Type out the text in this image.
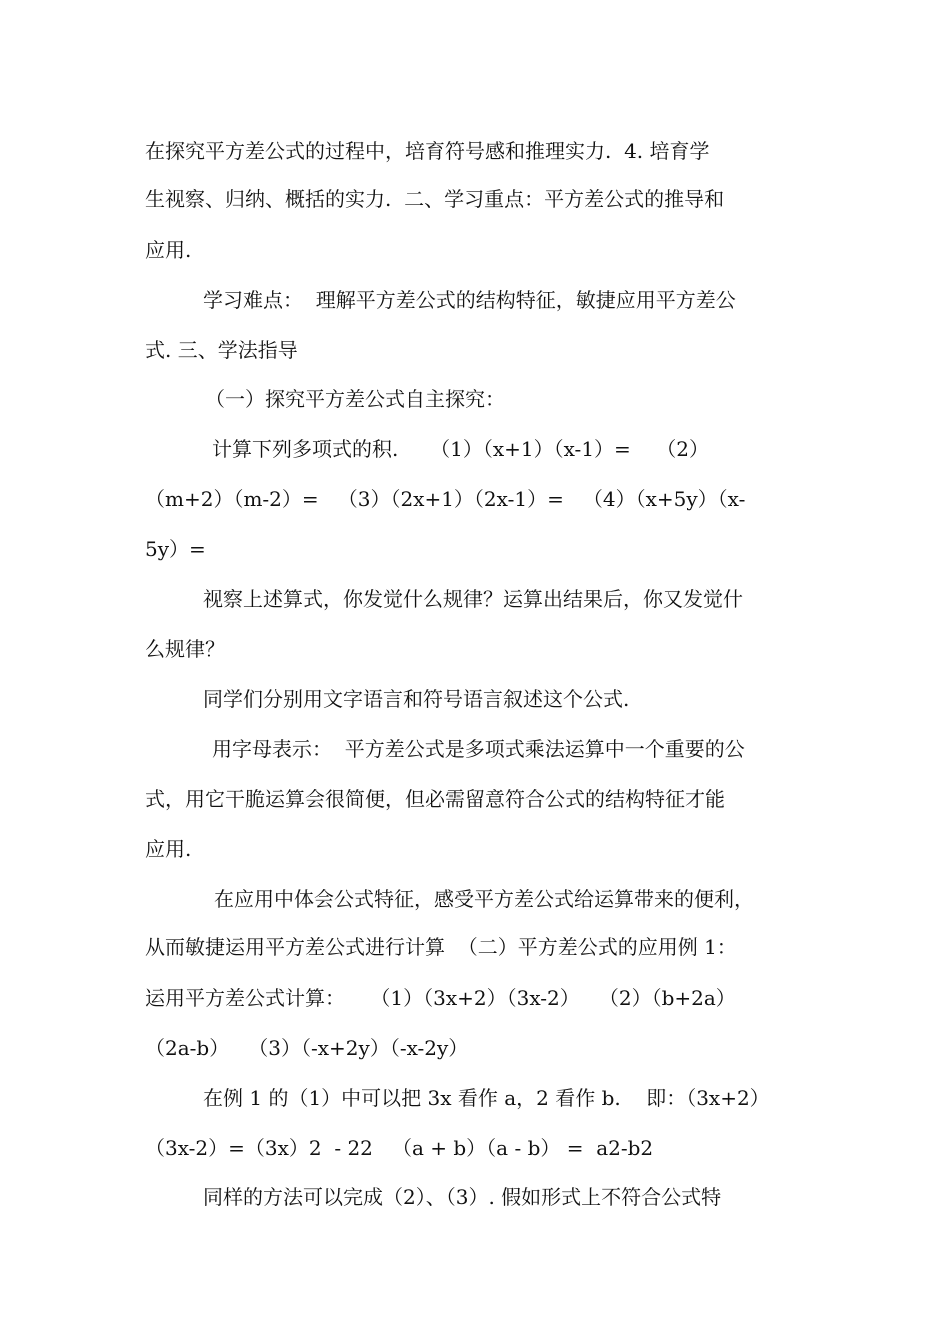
在探究平方差公式的过程中，培育符号感和推理实力.  4. 培育学
生视察、归纳、概括的实力.  二、学习重点：平方差公式的推导和
应用.
学习难点：  理解平方差公式的结构特征，敏捷应用平方差公
式. 三、学法指导
（一）探究平方差公式自主探究：
计算下列多项式的积.     （1）（x+1）（x-1）=    （2）
（m+2）（m-2）=   （3）（2x+1）（2x-1）=   （4）（x+5y）（x-
5y）=
视察上述算式，你发觉什么规律？运算出结果后，你又发觉什
么规律？
同学们分别用文字语言和符号语言叙述这个公式.
用字母表示：  平方差公式是多项式乘法运算中一个重要的公
式，用它干脆运算会很简便，但必需留意符合公式的结构特征才能
应用.
在应用中体会公式特征，感受平方差公式给运算带来的便利，
从而敏捷运用平方差公式进行计算  （二）平方差公式的应用例 1：
运用平方差公式计算：    （1）（3x+2）（3x-2）   （2）（b+2a）
（2a-b）   （3）（-x+2y）（-x-2y）
在例 1 的（1）中可以把 3x 看作 a，2 看作 b.    即：（3x+2）
（3x-2）=（3x）2  - 22   （a + b）（a - b） =  a2-b2
同样的方法可以完成（2）、（3）. 假如形式上不符合公式特
